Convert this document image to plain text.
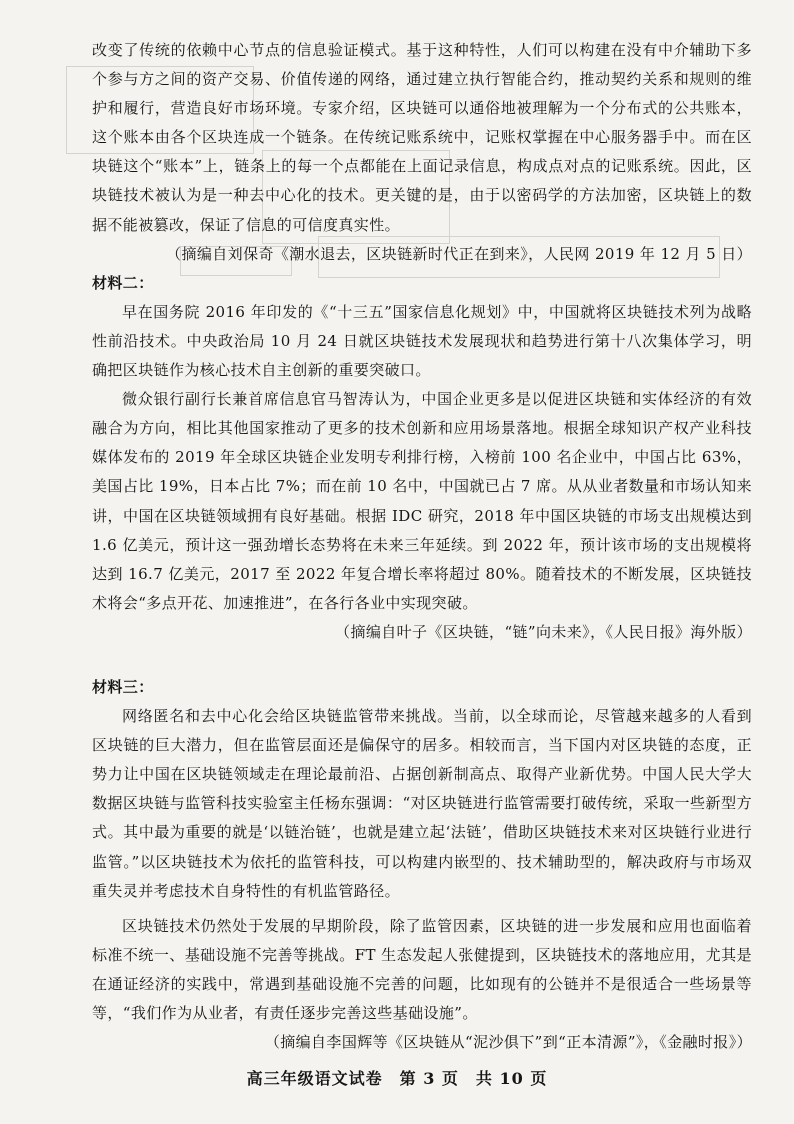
改变了传统的依赖中心节点的信息验证模式。基于这种特性，人们可以构建在没有中介辅助下多个参与方之间的资产交易、价值传递的网络，通过建立执行智能合约，推动契约关系和规则的维护和履行，营造良好市场环境。专家介绍，区块链可以通俗地被理解为一个分布式的公共账本，这个账本由各个区块连成一个链条。在传统记账系统中，记账权掌握在中心服务器手中。而在区块链这个“账本”上，链条上的每一个点都能在上面记录信息，构成点对点的记账系统。因此，区块链技术被认为是一种去中心化的技术。更关键的是，由于以密码学的方法加密，区块链上的数据不能被篡改，保证了信息的可信度真实性。

（摘编自刘保奇《潮水退去，区块链新时代正在到来》，人民网 2019 年 12 月 5 日）

材料二：

早在国务院 2016 年印发的《“十三五”国家信息化规划》中，中国就将区块链技术列为战略性前沿技术。中央政治局 10 月 24 日就区块链技术发展现状和趋势进行第十八次集体学习，明确把区块链作为核心技术自主创新的重要突破口。

微众银行副行长兼首席信息官马智涛认为，中国企业更多是以促进区块链和实体经济的有效融合为方向，相比其他国家推动了更多的技术创新和应用场景落地。根据全球知识产权产业科技媒体发布的 2019 年全球区块链企业发明专利排行榜，入榜前 100 名企业中，中国占比 63%，美国占比 19%，日本占比 7%；而在前 10 名中，中国就已占 7 席。从从业者数量和市场认知来讲，中国在区块链领域拥有良好基础。根据 IDC 研究，2018 年中国区块链的市场支出规模达到 1.6 亿美元，预计这一强劲增长态势将在未来三年延续。到 2022 年，预计该市场的支出规模将达到 16.7 亿美元，2017 至 2022 年复合增长率将超过 80%。随着技术的不断发展，区块链技术将会“多点开花、加速推进”，在各行各业中实现突破。

（摘编自叶子《区块链，“链”向未来》，《人民日报》海外版）

材料三：

网络匿名和去中心化会给区块链监管带来挑战。当前，以全球而论，尽管越来越多的人看到区块链的巨大潜力，但在监管层面还是偏保守的居多。相较而言，当下国内对区块链的态度，正势力让中国在区块链领域走在理论最前沿、占据创新制高点、取得产业新优势。中国人民大学大数据区块链与监管科技实验室主任杨东强调：“对区块链进行监管需要打破传统，采取一些新型方式。其中最为重要的就是‘以链治链’，也就是建立起‘法链’，借助区块链技术来对区块链行业进行监管。”以区块链技术为依托的监管科技，可以构建内嵌型的、技术辅助型的，解决政府与市场双重失灵并考虑技术自身特性的有机监管路径。

区块链技术仍然处于发展的早期阶段，除了监管因素，区块链的进一步发展和应用也面临着标准不统一、基础设施不完善等挑战。FT 生态发起人张健提到，区块链技术的落地应用，尤其是在通证经济的实践中，常遇到基础设施不完善的问题，比如现有的公链并不是很适合一些场景等等，“我们作为从业者，有责任逐步完善这些基础设施”。

（摘编自李国辉等《区块链从“泥沙俱下”到“正本清源”》，《金融时报》）

高三年级语文试卷　第 3 页　共 10 页
